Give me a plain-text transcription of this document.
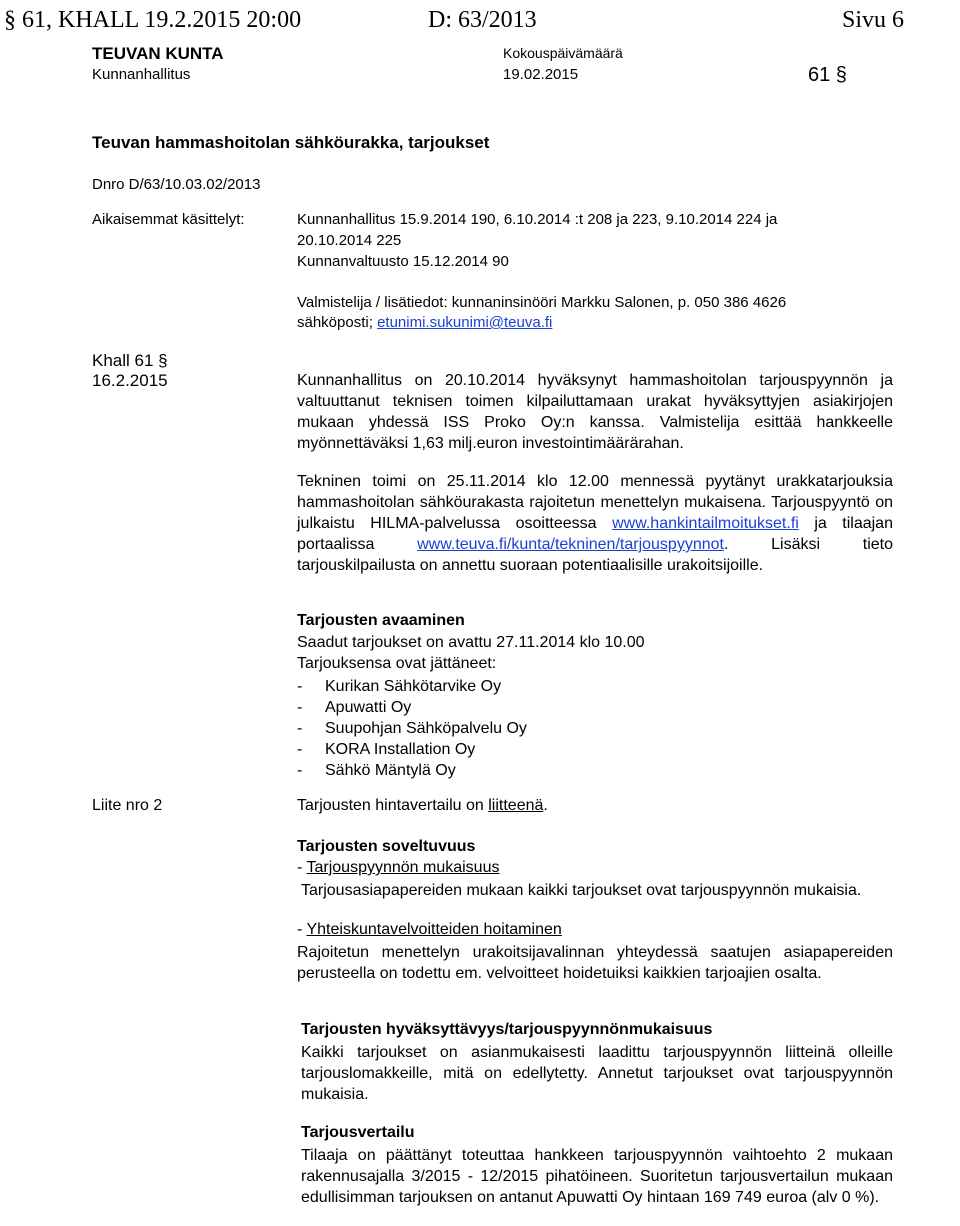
§ 61, KHALL 19.2.2015 20:00	D: 63/2013	Sivu 6
TEUVAN KUNTA
Kunnanhallitus
Kokouspäivämäärä
19.02.2015	61 §
Teuvan hammashoitolan sähköurakka, tarjoukset
Dnro D/63/10.03.02/2013
Aikaisemmat käsittelyt:	Kunnanhallitus 15.9.2014 190, 6.10.2014 :t 208 ja 223, 9.10.2014 224 ja
20.10.2014 225
Kunnanvaltuusto 15.12.2014 90
Valmistelija / lisätiedot: kunnaninsinööri Markku Salonen, p. 050 386 4626
sähköposti; etunimi.sukunimi@teuva.fi
Khall 61 §
16.2.2015	Kunnanhallitus on 20.10.2014 hyväksynyt hammashoitolan tarjouspyynnön ja valtuuttanut teknisen toimen kilpailuttamaan urakat hyväksyttyjen asiakirjojen mukaan yhdessä ISS Proko Oy:n kanssa. Valmistelija esittää hankkeelle myönnettäväksi 1,63 milj.euron investointimäärärahan.
Tekninen toimi on 25.11.2014 klo 12.00 mennessä pyytänyt urakkatarjouksia hammashoitolan sähköurakasta rajoitetun menettelyn mukaisena. Tarjouspyyntö on julkaistu HILMA-palvelussa osoitteessa www.hankintailmoitukset.fi ja tilaajan portaalissa	www.teuva.fi/kunta/tekninen/tarjouspyynnot. Lisäksi tieto tarjouskilpailusta on annettu suoraan potentiaalisille urakoitsijoille.
Tarjousten avaaminen
Saadut tarjoukset on avattu 27.11.2014 klo 10.00
Tarjouksensa ovat jättäneet:
-	Kurikan Sähkötarvike Oy
-	Apuwatti Oy
-	Suupohjan Sähköpalvelu Oy
-	KORA Installation Oy
-	Sähkö Mäntylä Oy
Liite nro 2	Tarjousten hintavertailu on liitteenä.
Tarjousten soveltuvuus
- Tarjouspyynnön mukaisuus
Tarjousasiapapereiden mukaan kaikki tarjoukset ovat tarjouspyynnön mukaisia.
- Yhteiskuntavelvoitteiden hoitaminen
Rajoitetun menettelyn urakoitsijavalinnan yhteydessä saatujen asiapapereiden perusteella on todettu em. velvoitteet hoidetuiksi kaikkien tarjoajien osalta.
Tarjousten hyväksyttävyys/tarjouspyynnönmukaisuus
Kaikki tarjoukset on asianmukaisesti laadittu tarjouspyynnön liitteinä olleille tarjouslomakkeille, mitä on edellytetty. Annetut tarjoukset ovat tarjouspyynnön mukaisia.
Tarjousvertailu
Tilaaja on päättänyt toteuttaa hankkeen tarjouspyynnön vaihtoehto 2 mukaan rakennusajalla 3/2015 - 12/2015 pihatöineen. Suoritetun tarjousvertailun mukaan edullisimman tarjouksen on antanut Apuwatti Oy hintaan 169 749 euroa (alv 0 %).
